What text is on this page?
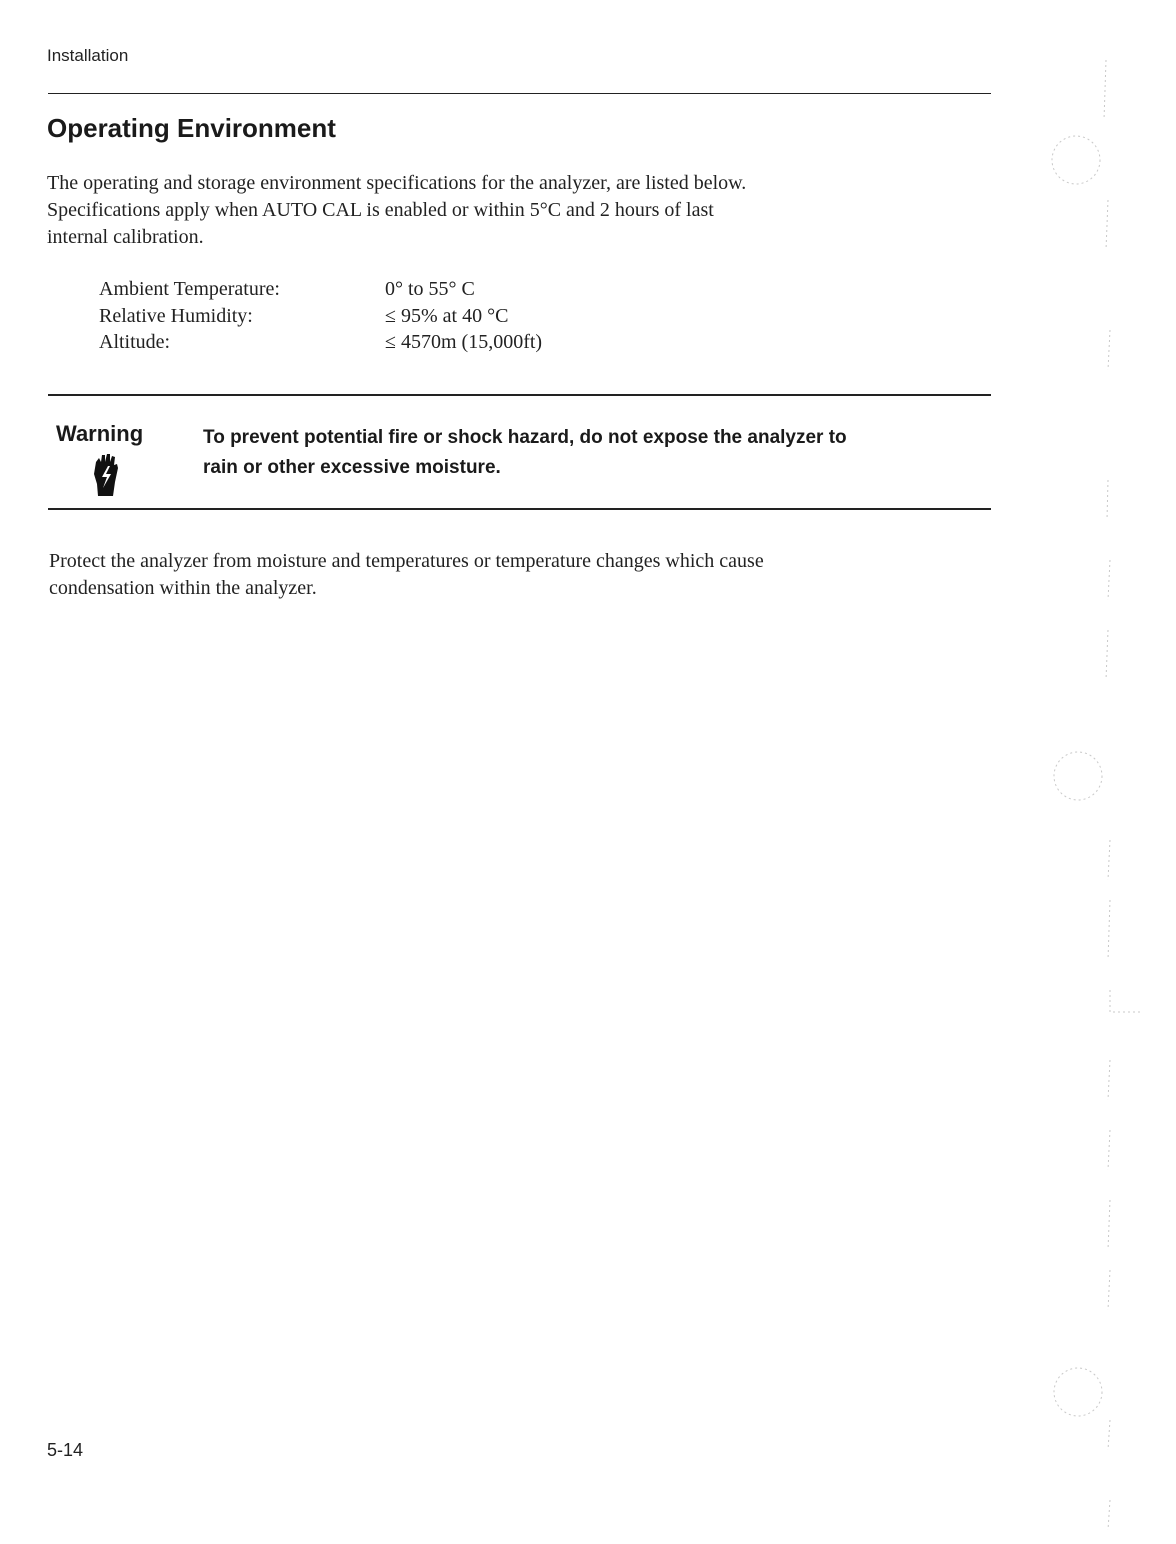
Installation
Operating Environment
The operating and storage environment specifications for the analyzer, are listed below.
Specifications apply when AUTO CAL is enabled or within 5°C and 2 hours of last
internal calibration.
Ambient Temperature:	0° to 55° C
Relative Humidity:	≤ 95% at 40 °C
Altitude:	≤ 4570m (15,000ft)
Warning	To prevent potential fire or shock hazard, do not expose the analyzer to
rain or other excessive moisture.
Protect the analyzer from moisture and temperatures or temperature changes which cause
condensation within the analyzer.
5-14
